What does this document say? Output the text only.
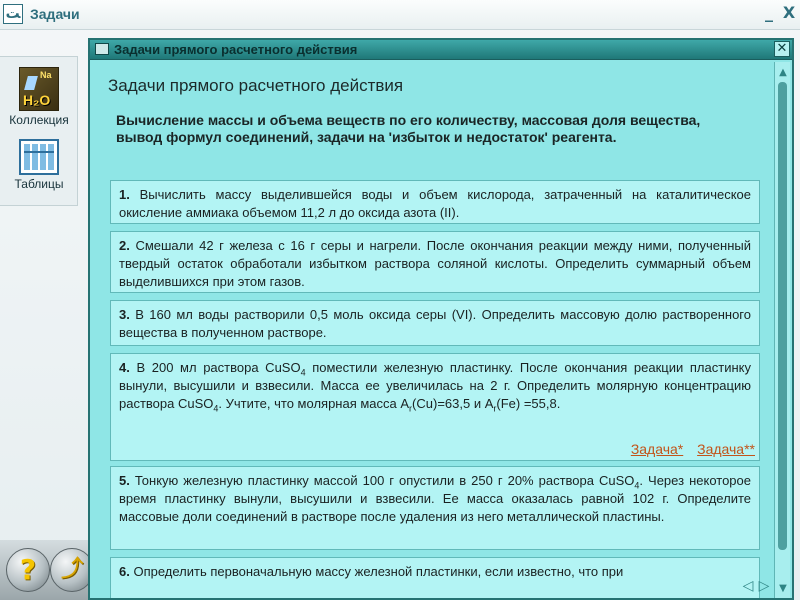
ﺖ Задачи	_ X
Na
H₂O
Коллекция
Таблицы
?	⤴
Задачи прямого расчетного действия	✕
Задачи прямого расчетного действия
Вычисление массы и объема веществ по его количеству, массовая доля вещества, вывод формул соединений, задачи на 'избыток и недостаток' реагента.
1. Вычислить массу выделившейся воды и объем кислорода, затраченный на каталитическое окисление аммиака объемом 11,2 л до оксида азота (II).
2. Смешали 42 г железа с 16 г серы и нагрели. После окончания реакции между ними, полученный твердый остаток обработали избытком раствора соляной кислоты. Определить суммарный объем выделившихся при этом газов.
3. В 160 мл воды растворили 0,5 моль оксида серы (VI). Определить массовую долю растворенного вещества в полученном растворе.
4. В 200 мл раствора CuSO$_4$ поместили железную пластинку. После окончания реакции пластинку вынули, высушили и взвесили. Масса ее увеличилась на 2 г. Определить молярную концентрацию раствора CuSO$_4$. Учтите, что молярная масса $A_r(Cu)=63,5$ и $A_r(Fe) =55,8$.
Задача* Задача**
5. Тонкую железную пластинку массой 100 г опустили в 250 г 20% раствора CuSO$_4$. Через некоторое время пластинку вынули, высушили и взвесили. Ее масса оказалась равной 102 г. Определите массовые доли соединений в растворе после удаления из него металлической пластины.
6. Определить первоначальную массу железной пластинки, если известно, что при
▲
▼
◁ ▷
